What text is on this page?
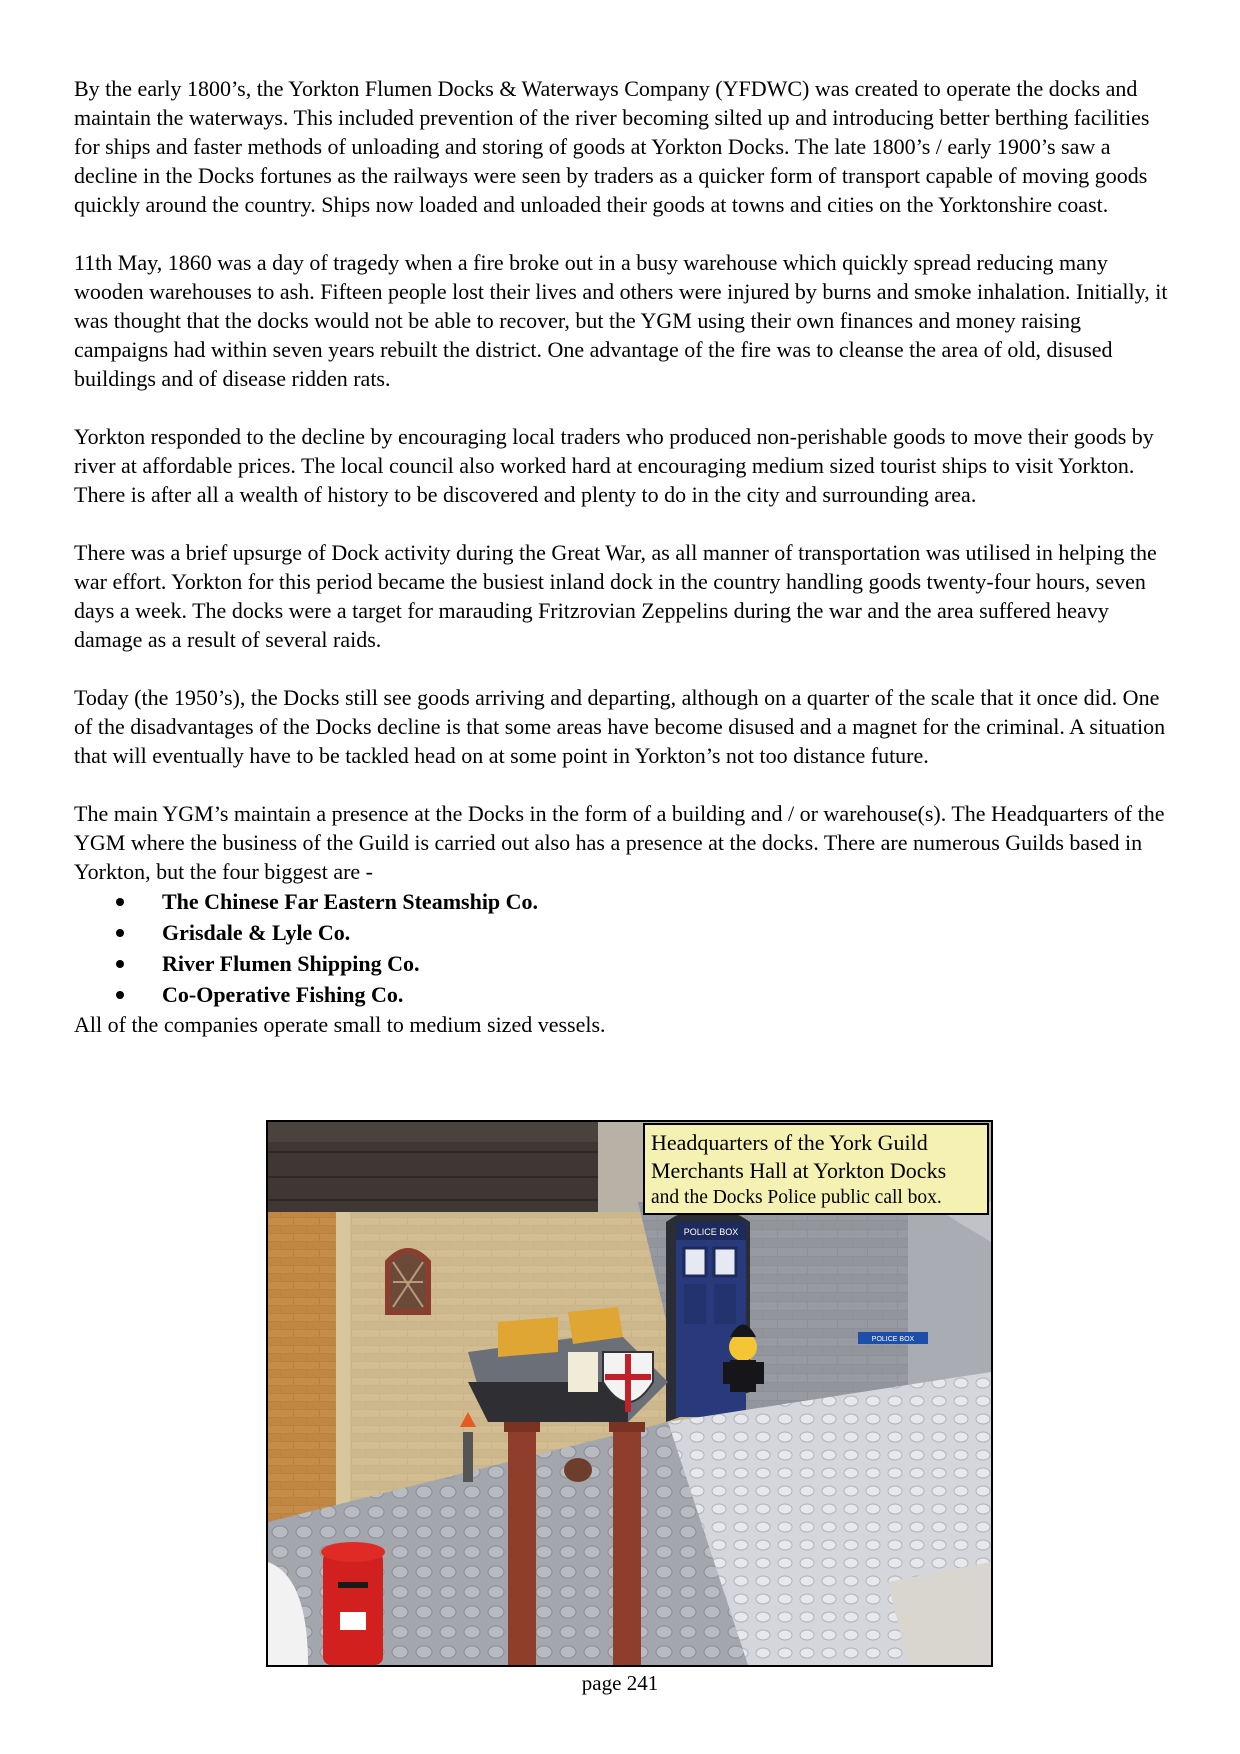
By the early 1800’s, the Yorkton Flumen Docks & Waterways Company (YFDWC) was created to operate the docks and maintain the waterways. This included prevention of the river becoming silted up and introducing better berthing facilities for ships and faster methods of unloading and storing of goods at Yorkton Docks. The late 1800’s / early 1900’s saw a decline in the Docks fortunes as the railways were seen by traders as a quicker form of transport capable of moving goods quickly around the country. Ships now loaded and unloaded their goods at towns and cities on the Yorktonshire coast.

11th May, 1860 was a day of tragedy when a fire broke out in a busy warehouse which quickly spread reducing many wooden warehouses to ash. Fifteen people lost their lives and others were injured by burns and smoke inhalation. Initially, it was thought that the docks would not be able to recover, but the YGM using their own finances and money raising campaigns had within seven years rebuilt the district. One advantage of the fire was to cleanse the area of old, disused buildings and of disease ridden rats.

Yorkton responded to the decline by encouraging local traders who produced non-perishable goods to move their goods by river at affordable prices. The local council also worked hard at encouraging medium sized tourist ships to visit Yorkton. There is after all a wealth of history to be discovered and plenty to do in the city and surrounding area.

There was a brief upsurge of Dock activity during the Great War, as all manner of transportation was utilised in helping the war effort. Yorkton for this period became the busiest inland dock in the country handling goods twenty-four hours, seven days a week. The docks were a target for marauding Fritzrovian Zeppelins during the war and the area suffered heavy damage as a result of several raids.

Today (the 1950’s), the Docks still see goods arriving and departing, although on a quarter of the scale that it once did. One of the disadvantages of the Docks decline is that some areas have become disused and a magnet for the criminal. A situation that will eventually have to be tackled head on at some point in Yorkton’s not too distance future.

The main YGM’s maintain a presence at the Docks in the form of a building and / or warehouse(s). The Headquarters of the YGM where the business of the Guild is carried out also has a presence at the docks. There are numerous Guilds based in Yorkton, but the four biggest are -

The Chinese Far Eastern Steamship Co.
Grisdale & Lyle Co.
River Flumen Shipping Co.
Co-Operative Fishing Co.

All of the companies operate small to medium sized vessels.

POLICE BOX
POLICE BOX
Headquarters of the York Guild
Merchants Hall at Yorkton Docks
and the Docks Police public call box.
page 241
